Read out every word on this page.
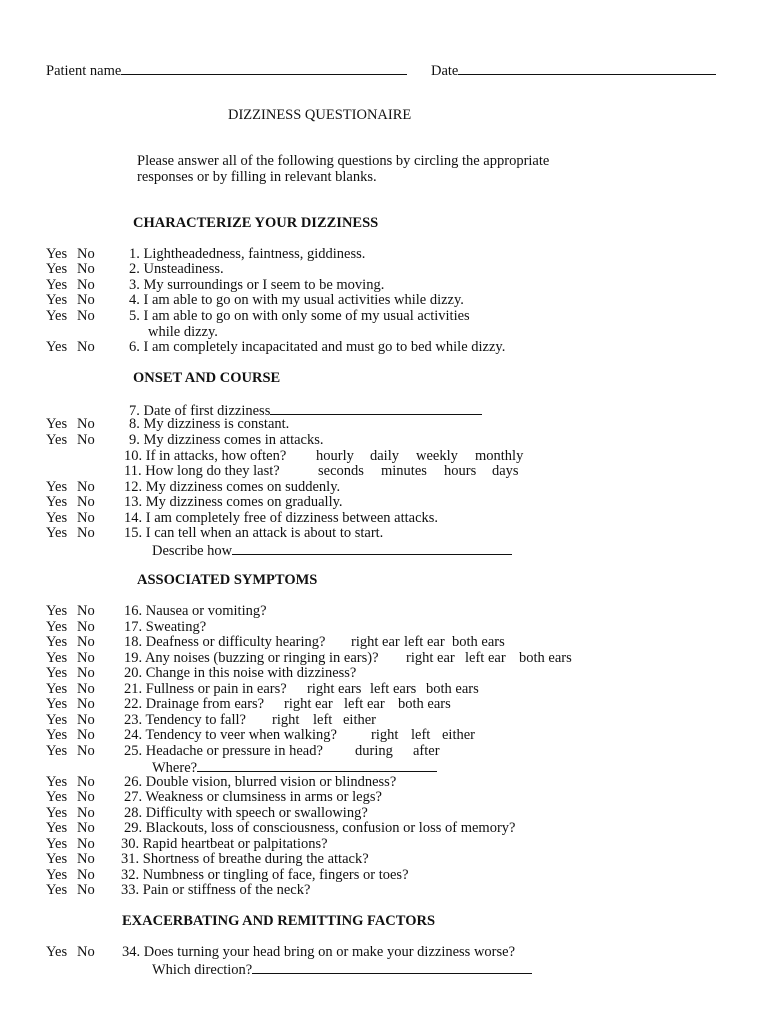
Patient name	Date
DIZZINESS QUESTIONAIRE
Please answer all of the following questions by circling the appropriate
responses or by filling in relevant blanks.
CHARACTERIZE YOUR DIZZINESS
ONSET AND COURSE
ASSOCIATED SYMPTOMS
EXACERBATING AND REMITTING FACTORS
Yes No 1. Lightheadedness, faintness, giddiness.
Yes No 2. Unsteadiness.
Yes No 3. My surroundings or I seem to be moving.
Yes No 4. I am able to go on with my usual activities while dizzy.
Yes No 5. I am able to go on with only some of my usual activities
while dizzy.
Yes No 6. I am completely incapacitated and must go to bed while dizzy.
7. Date of first dizziness
Yes No 8. My dizziness is constant.
Yes No 9. My dizziness comes in attacks.
10. If in attacks, how often? hourly daily weekly monthly
11. How long do they last?	seconds minutes hours days
Yes No 12. My dizziness comes on suddenly.
Yes No 13. My dizziness comes on gradually.
Yes No 14. I am completely free of dizziness between attacks.
Yes No 15. I can tell when an attack is about to start.
Describe how
Yes No 16. Nausea or vomiting?
Yes No 17. Sweating?
Yes No 18. Deafness or difficulty hearing? right ear left ear both ears
Yes No 19. Any noises (buzzing or ringing in ears)? right ear left ear both ears
Yes No 20. Change in this noise with dizziness?
Yes No 21. Fullness or pain in ears? right ears left ears both ears
Yes No 22. Drainage from ears? right ear left ear both ears
Yes No 23. Tendency to fall? right left either
Yes No 24. Tendency to veer when walking? right left either
Yes No 25. Headache or pressure in head? during after
Where?
Yes No 26. Double vision, blurred vision or blindness?
Yes No 27. Weakness or clumsiness in arms or legs?
Yes No 28. Difficulty with speech or swallowing?
Yes No 29. Blackouts, loss of consciousness, confusion or loss of memory?
Yes No 30. Rapid heartbeat or palpitations?
Yes No 31. Shortness of breathe during the attack?
Yes No 32. Numbness or tingling of face, fingers or toes?
Yes No 33. Pain or stiffness of the neck?
Yes No 34. Does turning your head bring on or make your dizziness worse?
Which direction?
